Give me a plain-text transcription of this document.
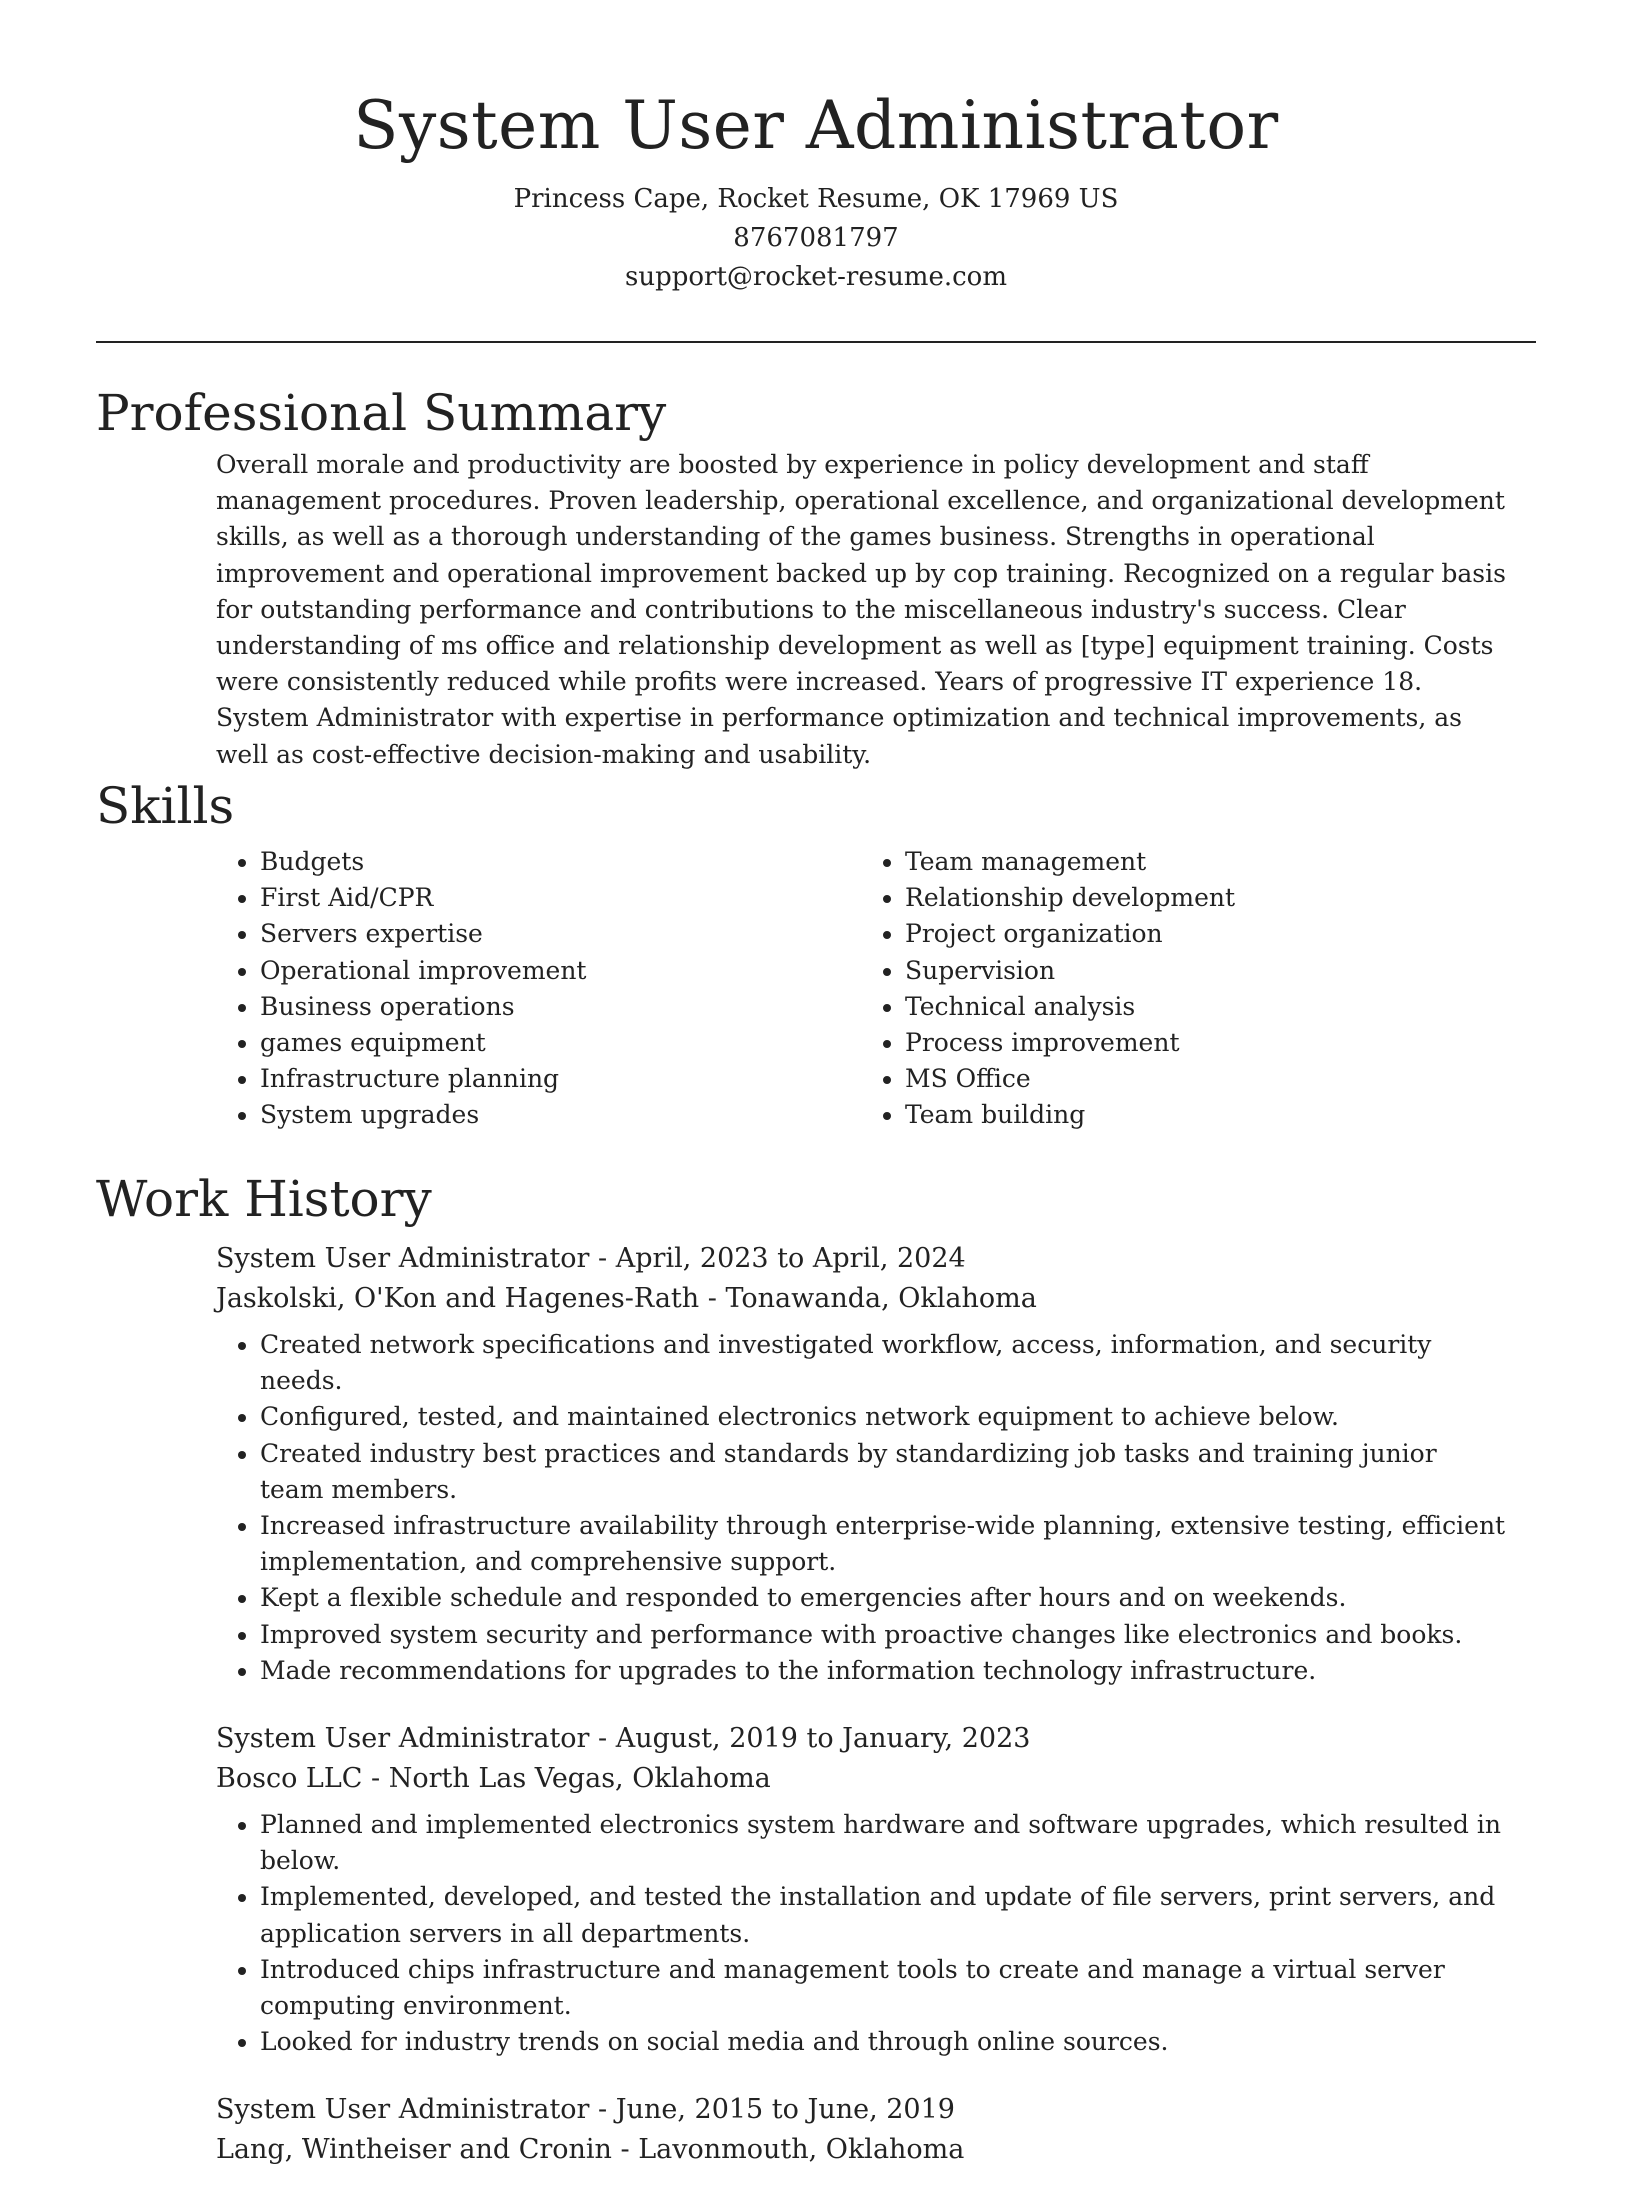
System User Administrator
Princess Cape, Rocket Resume, OK 17969 US
8767081797
support@rocket-resume.com
Professional Summary
Overall morale and productivity are boosted by experience in policy development and staff management procedures. Proven leadership, operational excellence, and organizational development skills, as well as a thorough understanding of the games business. Strengths in operational improvement and operational improvement backed up by cop training. Recognized on a regular basis for outstanding performance and contributions to the miscellaneous industry's success. Clear understanding of ms office and relationship development as well as [type] equipment training. Costs were consistently reduced while profits were increased. Years of progressive IT experience 18. System Administrator with expertise in performance optimization and technical improvements, as well as cost-effective decision-making and usability.
Skills
• Budgets
• First Aid/CPR
• Servers expertise
• Operational improvement
• Business operations
• games equipment
• Infrastructure planning
• System upgrades
• Team management
• Relationship development
• Project organization
• Supervision
• Technical analysis
• Process improvement
• MS Office
• Team building
Work History
System User Administrator - April, 2023 to April, 2024
Jaskolski, O'Kon and Hagenes-Rath - Tonawanda, Oklahoma
• Created network specifications and investigated workflow, access, information, and security needs.
• Configured, tested, and maintained electronics network equipment to achieve below.
• Created industry best practices and standards by standardizing job tasks and training junior team members.
• Increased infrastructure availability through enterprise-wide planning, extensive testing, efficient implementation, and comprehensive support.
• Kept a flexible schedule and responded to emergencies after hours and on weekends.
• Improved system security and performance with proactive changes like electronics and books.
• Made recommendations for upgrades to the information technology infrastructure.
System User Administrator - August, 2019 to January, 2023
Bosco LLC - North Las Vegas, Oklahoma
• Planned and implemented electronics system hardware and software upgrades, which resulted in below.
• Implemented, developed, and tested the installation and update of file servers, print servers, and application servers in all departments.
• Introduced chips infrastructure and management tools to create and manage a virtual server computing environment.
• Looked for industry trends on social media and through online sources.
System User Administrator - June, 2015 to June, 2019
Lang, Wintheiser and Cronin - Lavonmouth, Oklahoma
